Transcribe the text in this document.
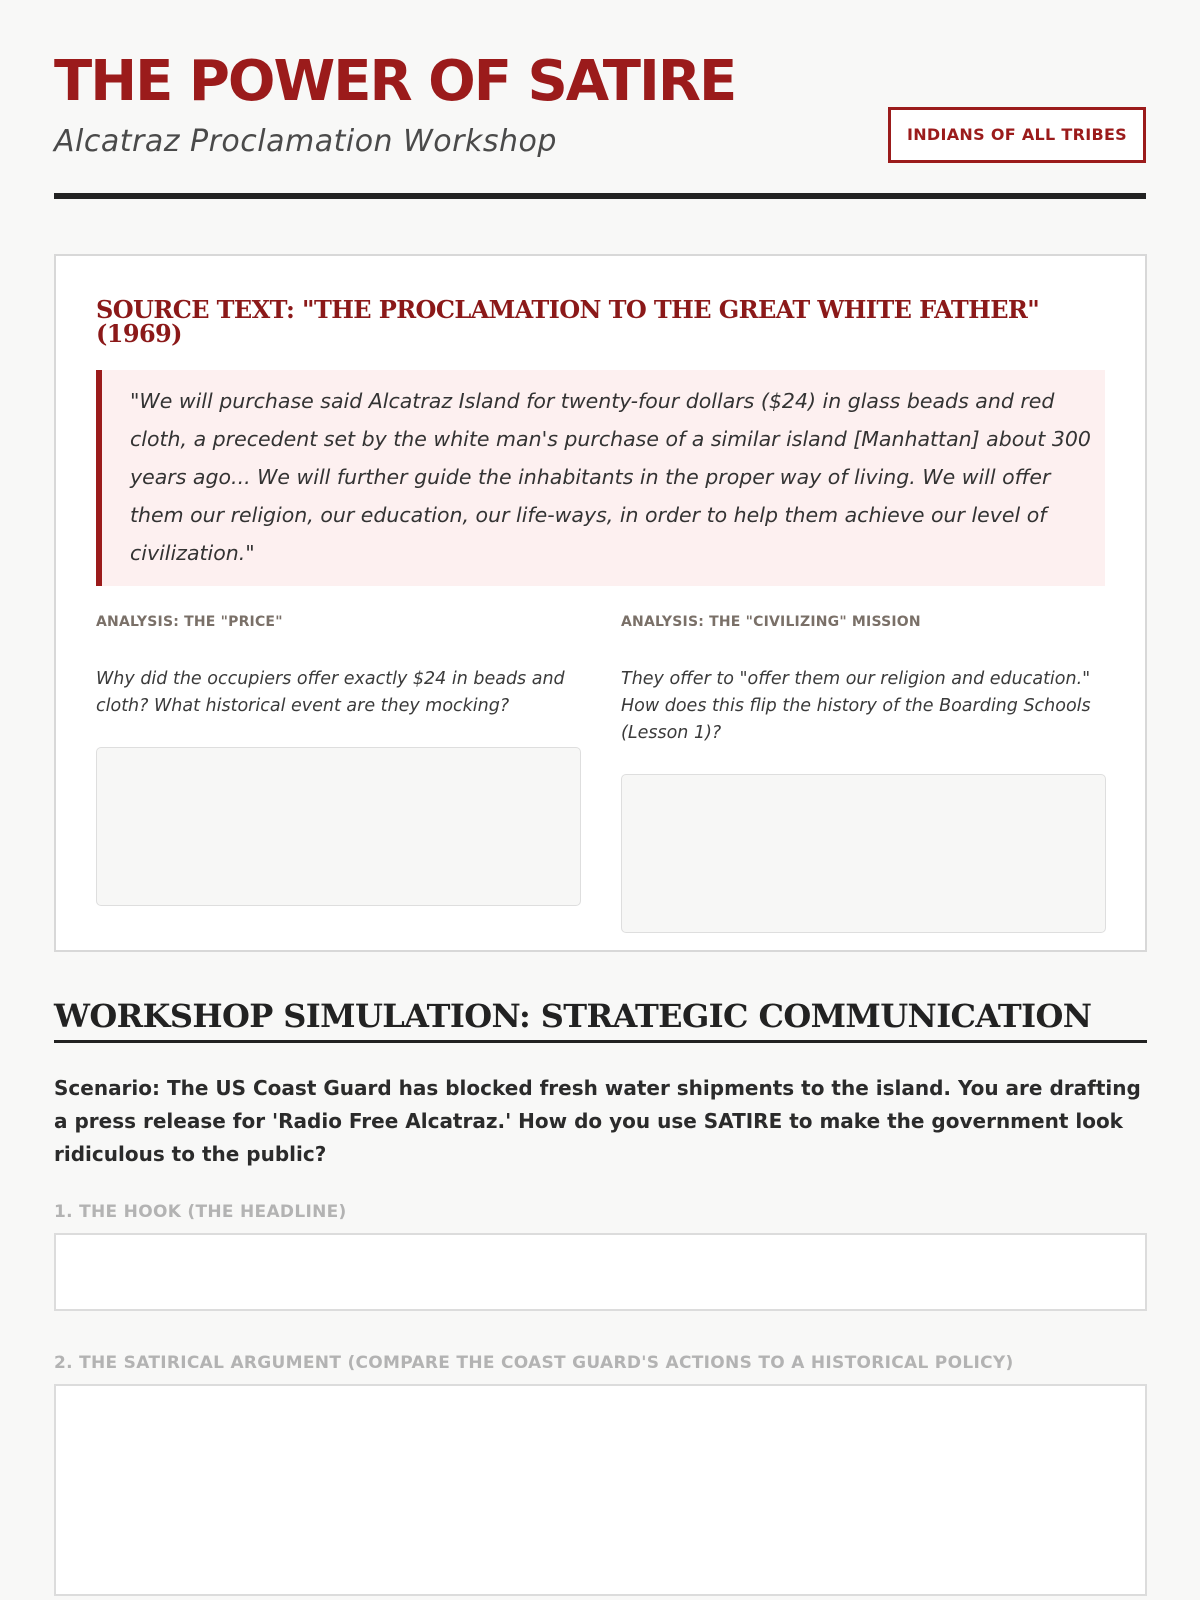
THE POWER OF SATIRE
Alcatraz Proclamation Workshop	INDIANS OF ALL TRIBES
SOURCE TEXT: "THE PROCLAMATION TO THE GREAT WHITE FATHER" (1969)
"We will purchase said Alcatraz Island for twenty-four dollars ($24) in glass beads and red cloth, a precedent set by the white man's purchase of a similar island [Manhattan] about 300 years ago... We will further guide the inhabitants in the proper way of living. We will offer them our religion, our education, our life-ways, in order to help them achieve our level of civilization."
ANALYSIS: THE "PRICE"

Why did the occupiers offer exactly $24 in beads and cloth? What historical event are they mocking?

ANALYSIS: THE "CIVILIZING" MISSION

They offer to "offer them our religion and education." How does this flip the history of the Boarding Schools (Lesson 1)?

WORKSHOP SIMULATION: STRATEGIC COMMUNICATION

Scenario: The US Coast Guard has blocked fresh water shipments to the island. You are drafting a press release for 'Radio Free Alcatraz.' How do you use SATIRE to make the government look ridiculous to the public?

1. THE HOOK (THE HEADLINE)
2. THE SATIRICAL ARGUMENT (COMPARE THE COAST GUARD'S ACTIONS TO A HISTORICAL POLICY)
